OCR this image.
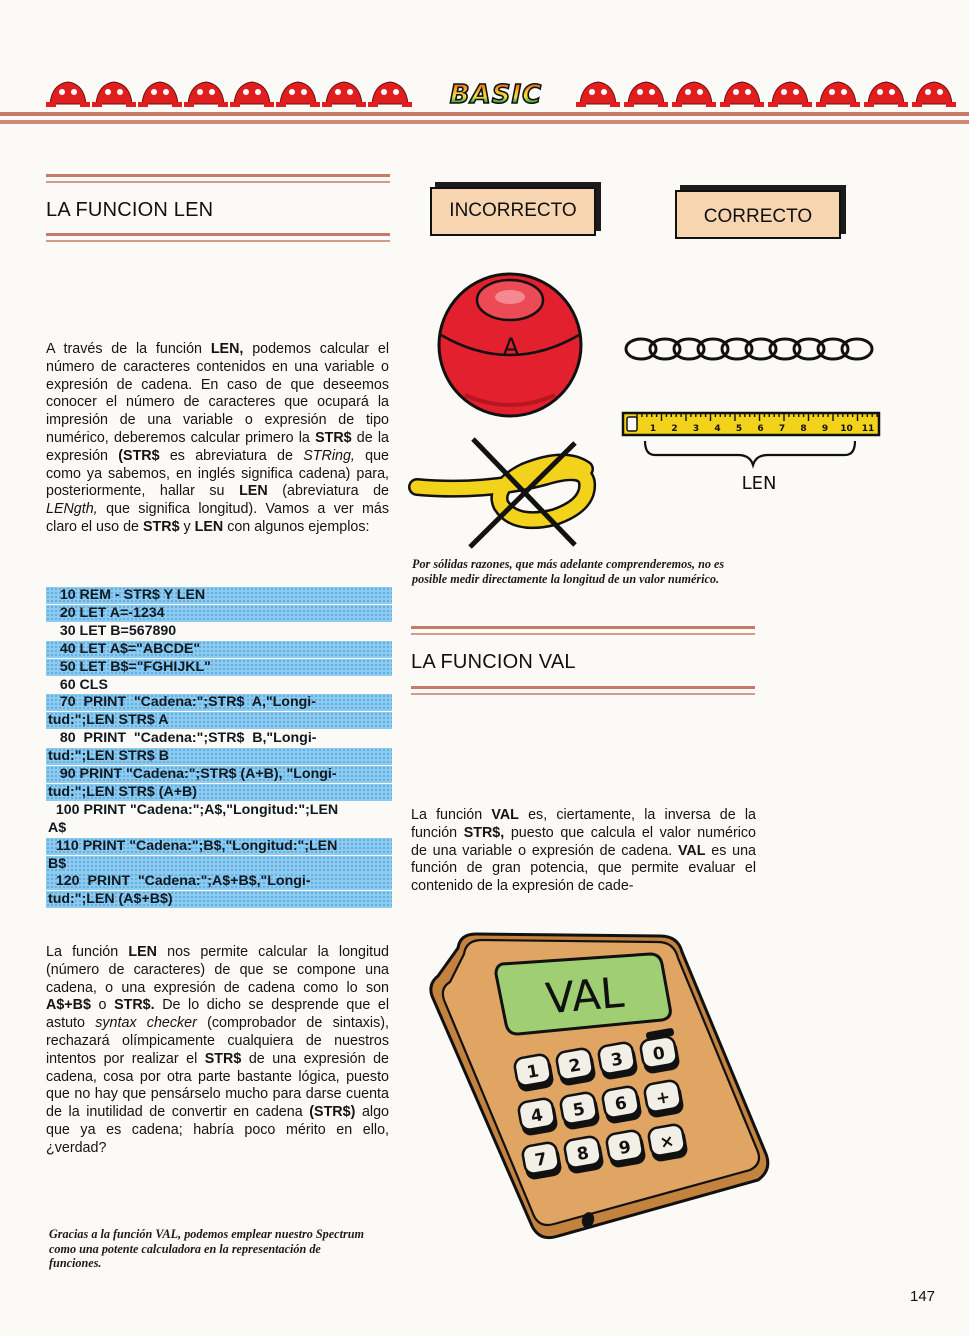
BASIC
LA FUNCION LEN
A través de la función LEN, podemos calcular el número de caracteres contenidos en una variable o expresión de cadena. En caso de que deseemos conocer el número de caracteres que ocupará la impresión de una variable o expresión de tipo numérico, deberemos calcular primero la STR$ de la expresión (STR$ es abreviatura de STRing, que como ya sabemos, en inglés significa cadena) para, posteriormente, hallar su LEN (abreviatura de LENgth, que significa longitud). Vamos a ver más claro el uso de STR$ y LEN con algunos ejemplos:
10 REM - STR$ Y LEN
20 LET A=-1234
30 LET B=567890
40 LET A$="ABCDE"
50 LET B$="FGHIJKL"
60 CLS
70  PRINT  "Cadena:";STR$  A,"Longi-
tud:";LEN STR$ A
80  PRINT  "Cadena:";STR$  B,"Longi-
tud:";LEN STR$ B
90 PRINT "Cadena:";STR$ (A+B), "Longi-
tud:";LEN STR$ (A+B)
100 PRINT "Cadena:";A$,"Longitud:";LEN
A$
110 PRINT "Cadena:";B$,"Longitud:";LEN
B$
120  PRINT  "Cadena:";A$+B$,"Longi-
tud:";LEN (A$+B$)
La función LEN nos permite calcular la longitud (número de caracteres) de que se compone una cadena, o una expresión de cadena como lo son A$+B$ o STR$. De lo dicho se desprende que el astuto syntax checker (comprobador de sintaxis), rechazará olímpicamente cualquiera de nuestros intentos por realizar el STR$ de una expresión de cadena, cosa por otra parte bastante lógica, puesto que no hay que pensárselo mucho para darse cuenta de la inutilidad de convertir en cadena (STR$) algo que ya es cadena; habría poco mérito en ello, ¿verdad?
Gracias a la función VAL, podemos emplear nuestro Spectrum como una potente calculadora en la representación de funciones.
INCORRECTO	CORRECTO
A
1 2 3 4 5 6 7 8 9 10 11
LEN
Por sólidas razones, que más adelante comprenderemos, no es posible medir directamente la longitud de un valor numérico.
LA FUNCION VAL
La función VAL es, ciertamente, la inversa de la función STR$, puesto que calcula el valor numérico de una variable o expresión de cadena. VAL es una función de gran potencia, que permite evaluar el contenido de la expresión de cade-
VAL
1 2 3 0
4 5 6 +
7 8 9 ×
147
